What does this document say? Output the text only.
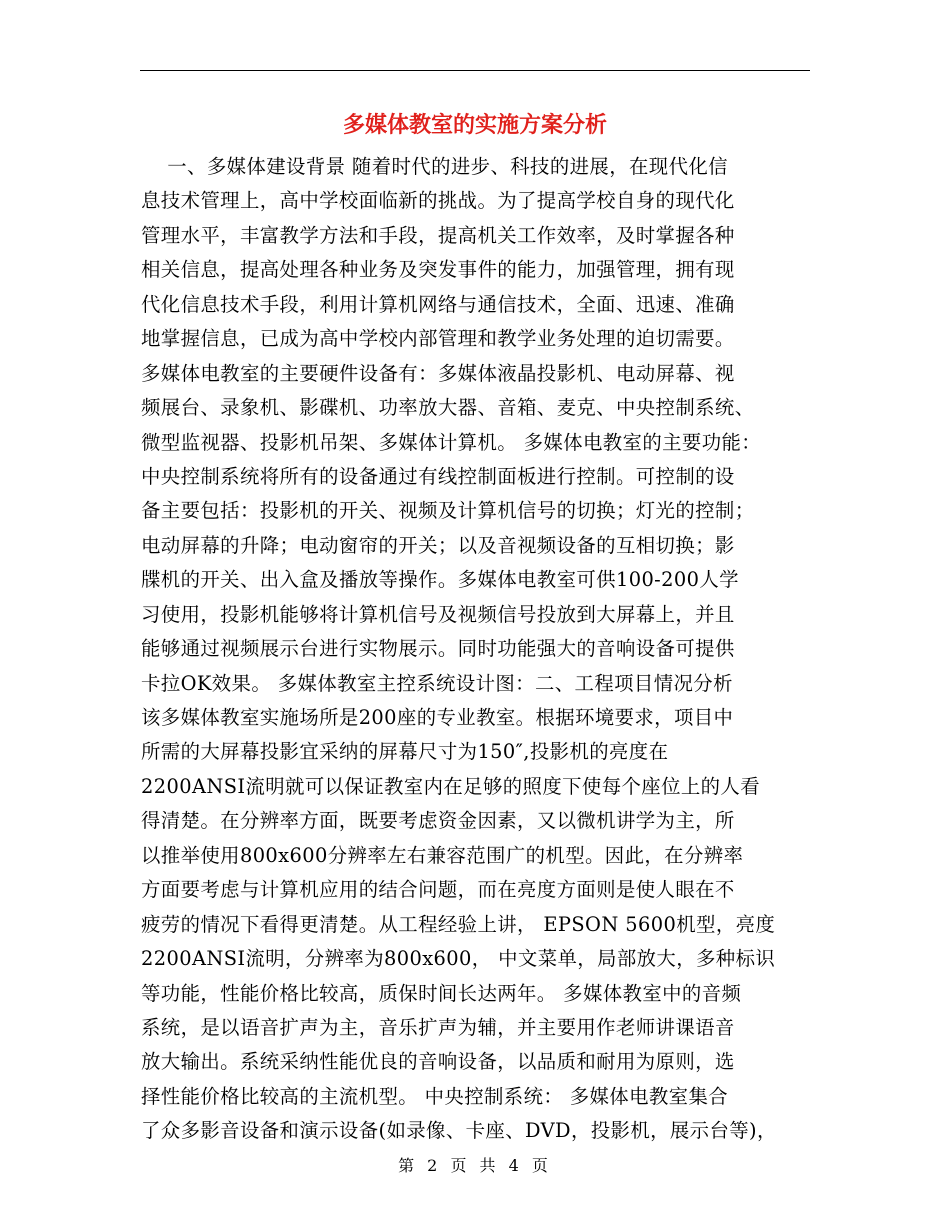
多媒体教室的实施方案分析
一、多媒体建设背景 随着时代的进步、科技的进展，在现代化信
息技术管理上，高中学校面临新的挑战。为了提高学校自身的现代化
管理水平，丰富教学方法和手段，提高机关工作效率，及时掌握各种
相关信息，提高处理各种业务及突发事件的能力，加强管理，拥有现
代化信息技术手段，利用计算机网络与通信技术，全面、迅速、准确
地掌握信息，已成为高中学校内部管理和教学业务处理的迫切需要。
多媒体电教室的主要硬件设备有：多媒体液晶投影机、电动屏幕、视
频展台、录象机、影碟机、功率放大器、音箱、麦克、中央控制系统、
微型监视器、投影机吊架、多媒体计算机。 多媒体电教室的主要功能：
中央控制系统将所有的设备通过有线控制面板进行控制。可控制的设
备主要包括：投影机的开关、视频及计算机信号的切换；灯光的控制；
电动屏幕的升降；电动窗帘的开关；以及音视频设备的互相切换；影
牒机的开关、出入盒及播放等操作。多媒体电教室可供100-200人学
习使用，投影机能够将计算机信号及视频信号投放到大屏幕上，并且
能够通过视频展示台进行实物展示。同时功能强大的音响设备可提供
卡拉OK效果。 多媒体教室主控系统设计图：二、工程项目情况分析
该多媒体教室实施场所是200座的专业教室。根据环境要求，项目中
所需的大屏幕投影宜采纳的屏幕尺寸为150″,投影机的亮度在
2200ANSI流明就可以保证教室内在足够的照度下使每个座位上的人看
得清楚。在分辨率方面，既要考虑资金因素，又以微机讲学为主，所
以推举使用800x600分辨率左右兼容范围广的机型。因此，在分辨率
方面要考虑与计算机应用的结合问题，而在亮度方面则是使人眼在不
疲劳的情况下看得更清楚。从工程经验上讲， EPSON 5600机型，亮度
2200ANSI流明，分辨率为800x600， 中文菜单，局部放大，多种标识
等功能，性能价格比较高，质保时间长达两年。 多媒体教室中的音频
系统，是以语音扩声为主，音乐扩声为辅，并主要用作老师讲课语音
放大输出。系统采纳性能优良的音响设备，以品质和耐用为原则，选
择性能价格比较高的主流机型。 中央控制系统： 多媒体电教室集合
了众多影音设备和演示设备(如录像、卡座、DVD，投影机，展示台等)，
第 2 页 共 4 页
